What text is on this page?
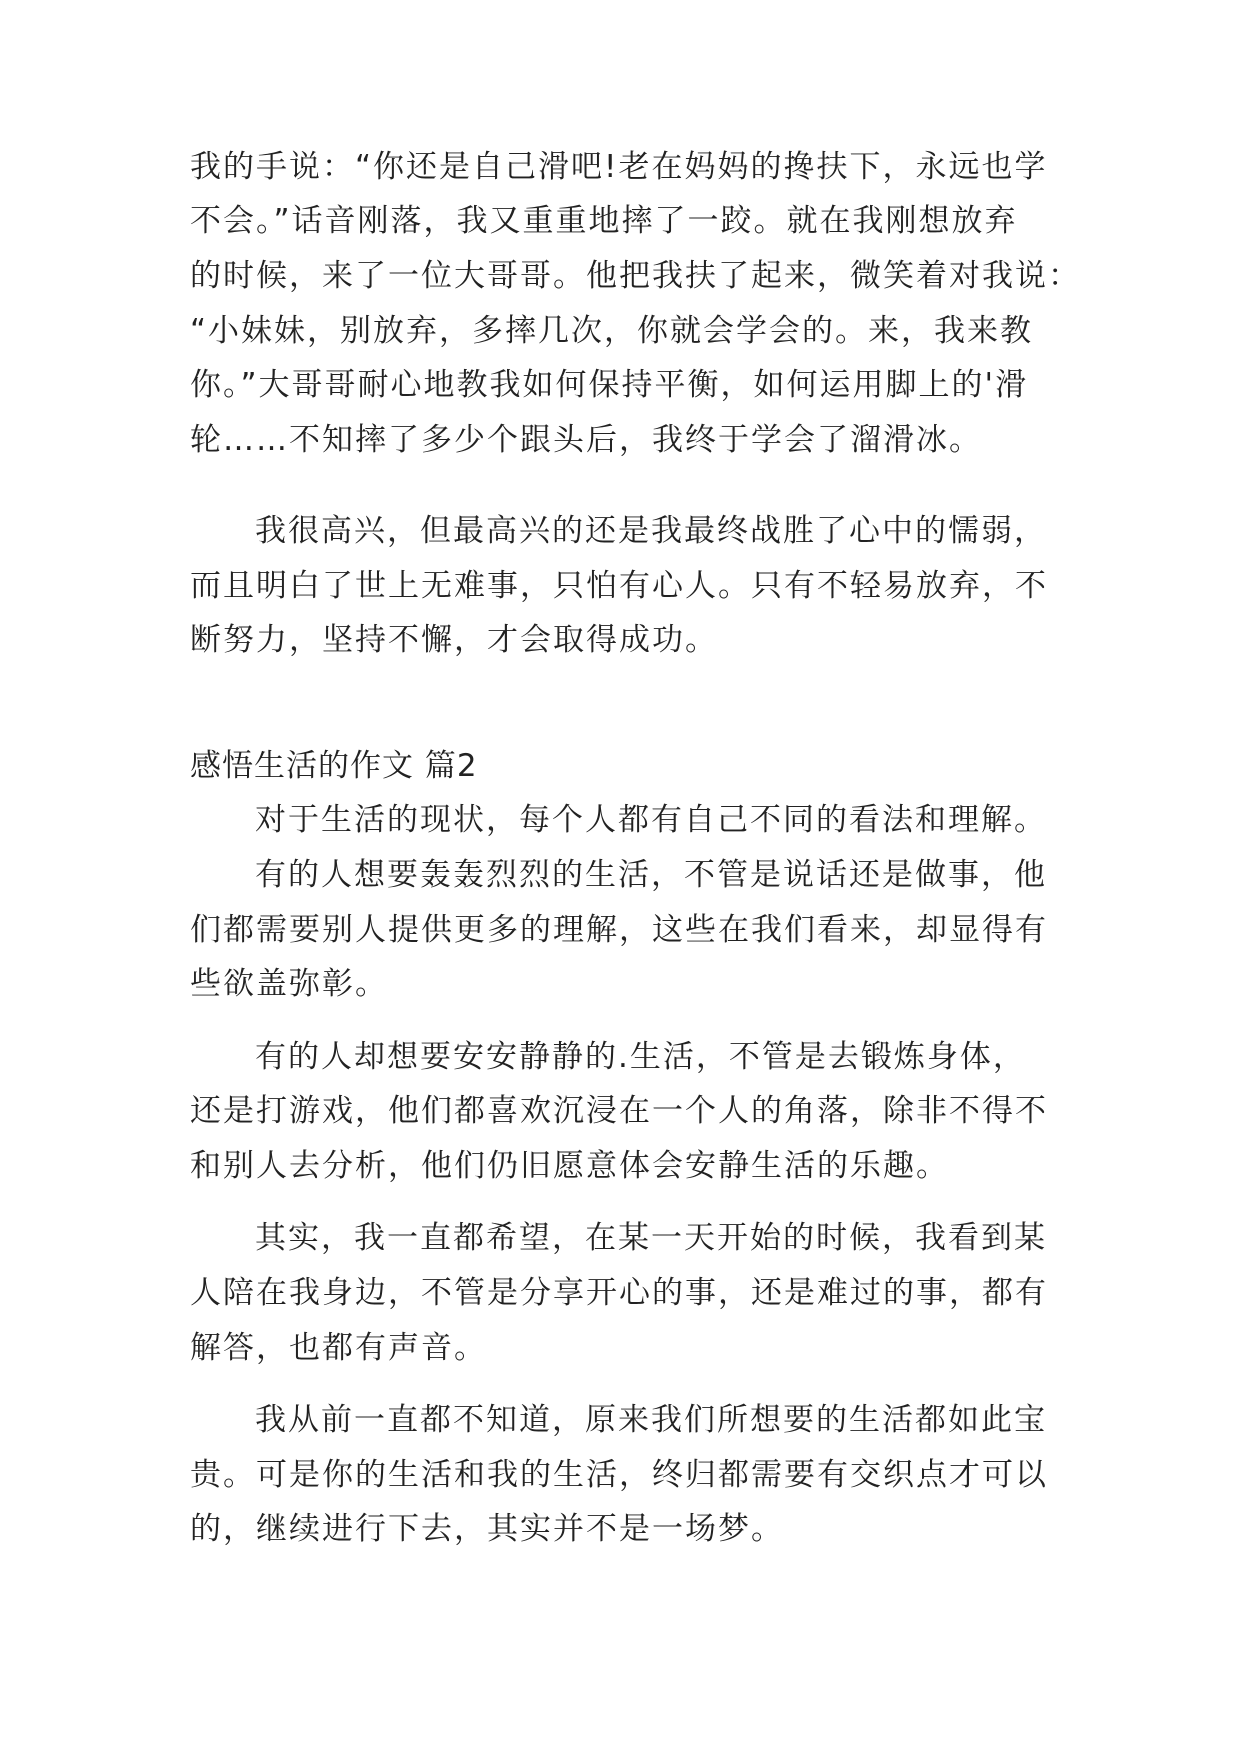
我的手说：“你还是自己滑吧!老在妈妈的搀扶下，永远也学
不会。”话音刚落，我又重重地摔了一跤。就在我刚想放弃
的时候，来了一位大哥哥。他把我扶了起来，微笑着对我说：
“小妹妹，别放弃，多摔几次，你就会学会的。来，我来教
你。”大哥哥耐心地教我如何保持平衡，如何运用脚上的'滑
轮……不知摔了多少个跟头后，我终于学会了溜滑冰。
我很高兴，但最高兴的还是我最终战胜了心中的懦弱，
而且明白了世上无难事，只怕有心人。只有不轻易放弃，不
断努力，坚持不懈，才会取得成功。
感悟生活的作文 篇2
对于生活的现状，每个人都有自己不同的看法和理解。
有的人想要轰轰烈烈的生活，不管是说话还是做事，他
们都需要别人提供更多的理解，这些在我们看来，却显得有
些欲盖弥彰。
有的人却想要安安静静的.生活，不管是去锻炼身体，
还是打游戏，他们都喜欢沉浸在一个人的角落，除非不得不
和别人去分析，他们仍旧愿意体会安静生活的乐趣。
其实，我一直都希望，在某一天开始的时候，我看到某
人陪在我身边，不管是分享开心的事，还是难过的事，都有
解答，也都有声音。
我从前一直都不知道，原来我们所想要的生活都如此宝
贵。可是你的生活和我的生活，终归都需要有交织点才可以
的，继续进行下去，其实并不是一场梦。
